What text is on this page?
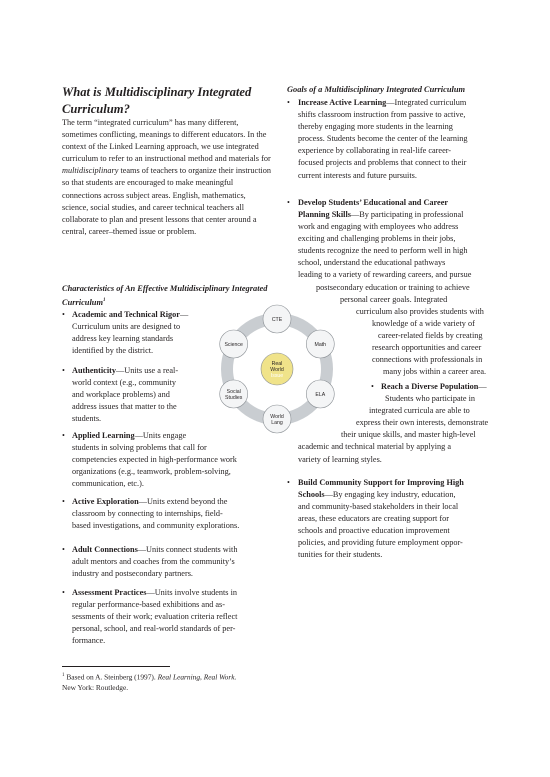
What is Multidisciplinary Integrated Curriculum?
The term “integrated curriculum” has many different, sometimes conflicting, meanings to different educators. In the context of the Linked Learning approach, we use integrated curriculum to refer to an instructional method and materials for multidisciplinary teams of teachers to organize their instruction so that students are encouraged to make meaningful connections across subject areas. English, mathematics, science, social studies, and career technical teachers all collaborate to plan and present lessons that center around a central, career–themed issue or problem.
Characteristics of An Effective Multidisciplinary Integrated Curriculum$^1$
• Academic and Technical Rigor—
Curriculum units are designed to
address key learning standards
identified by the district.
• Authenticity—Units use a real-
world context (e.g., community
and workplace problems) and
address issues that matter to the
students.
• Applied Learning—Units engage
students in solving problems that call for
competencies expected in high-performance work
organizations (e.g., teamwork, problem-solving,
communication, etc.).
• Active Exploration—Units extend beyond the
classroom by connecting to internships, field-
based investigations, and community explorations.
• Adult Connections—Units connect students with
adult mentors and coaches from the community’s
industry and postsecondary partners.
• Assessment Practices—Units involve students in
regular performance-based exhibitions and as-
sessments of their work; evaluation criteria reflect
personal, school, and real-world standards of per-
formance.
Goals of a Multidisciplinary Integrated Curriculum
• Increase Active Learning—Integrated curriculum
shifts classroom instruction from passive to active,
thereby engaging more students in the learning
process. Students become the center of the learning
experience by collaborating in real-life career-
focused projects and problems that connect to their
current interests and future pursuits.
• Develop Students’ Educational and Career
Planning Skills—By participating in professional
work and engaging with employees who address
exciting and challenging problems in their jobs,
students recognize the need to perform well in high
school, understand the educational pathways
leading to a variety of rewarding careers, and pursue
postsecondary education or training to achieve
personal career goals. Integrated
curriculum also provides students with
knowledge of a wide variety of
career-related fields by creating
research opportunities and career
connections with professionals in
many jobs within a career area.
• Reach a Diverse Population—
Students who participate in
integrated curricula are able to
express their own interests, demonstrate
their unique skills, and master high-level
academic and technical material by applying a
variety of learning styles.
• Build Community Support for Improving High
Schools—By engaging key industry, education,
and community-based stakeholders in their local
areas, these educators are creating support for
schools and proactive education improvement
policies, and providing future employment oppor-
tunities for their students.
CTE
Math
ELA
World
Lang
Social
Studies
Science
Real
World
Issue
$^1$ Based on A. Steinberg (1997). Real Learning, Real Work.
New York: Routledge.
